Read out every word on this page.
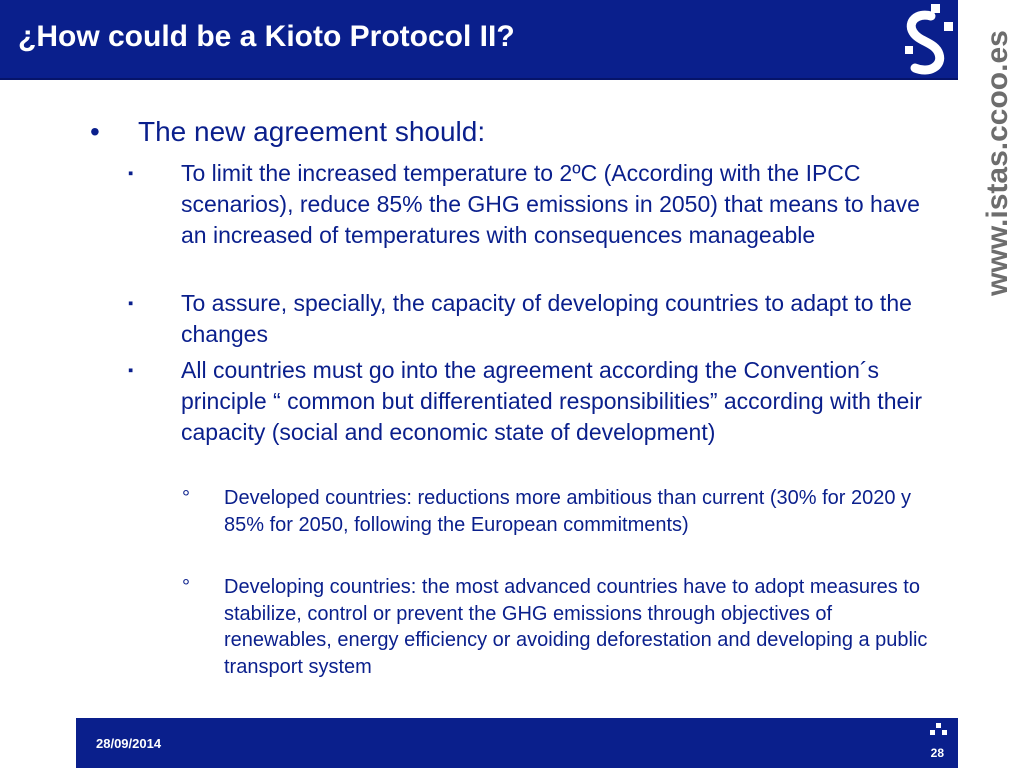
¿How could be a Kioto Protocol II?	www.istas.ccoo.es
•	The new agreement should:
▪	To limit the increased temperature to 2ºC (According with the IPCC scenarios), reduce 85% the GHG emissions in 2050) that means to have an increased of temperatures with consequences manageable
▪	To assure, specially, the capacity of developing countries to adapt to the changes
▪	All countries must go into the agreement according the Convention´s principle “ common but differentiated responsibilities” according with their capacity (social and economic state of development)
°	Developed countries: reductions more ambitious than current (30% for 2020 y 85% for 2050, following the European commitments)
°	Developing countries: the most advanced countries have to adopt measures to stabilize, control or prevent the GHG emissions through objectives of renewables, energy efficiency or avoiding deforestation and developing a public transport system
28/09/2014
28
